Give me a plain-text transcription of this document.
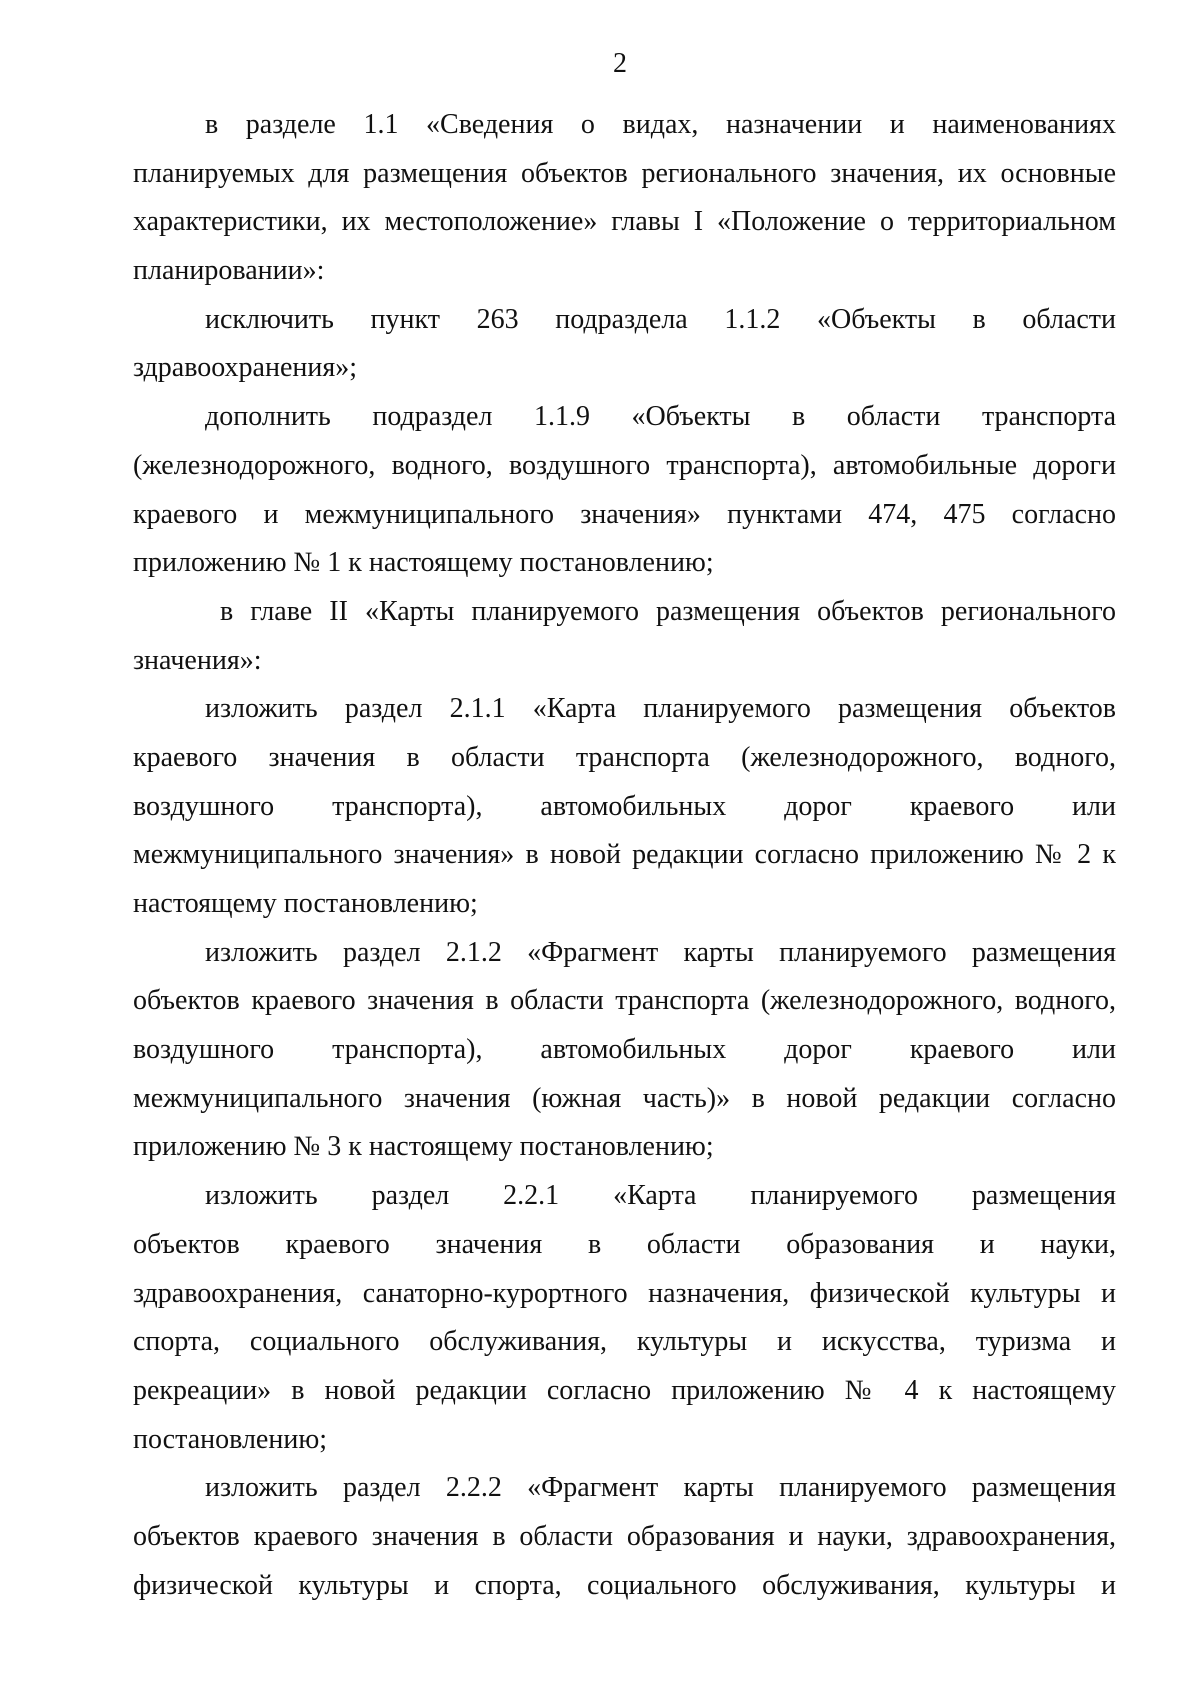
2
в разделе 1.1 «Сведения о видах, назначении и наименованиях
планируемых для размещения объектов регионального значения, их основные
характеристики, их местоположение» главы I «Положение о территориальном
планировании»:
исключить пункт 263 подраздела 1.1.2 «Объекты в области
здравоохранения»;
дополнить подраздел 1.1.9 «Объекты в области транспорта
(железнодорожного, водного, воздушного транспорта), автомобильные дороги
краевого и межмуниципального значения» пунктами 474, 475 согласно
приложению № 1 к настоящему постановлению;
в главе II «Карты планируемого размещения объектов регионального
значения»:
изложить раздел 2.1.1 «Карта планируемого размещения объектов
краевого значения в области транспорта (железнодорожного, водного,
воздушного транспорта), автомобильных дорог краевого или
межмуниципального значения» в новой редакции согласно приложению № 2 к
настоящему постановлению;
изложить раздел 2.1.2 «Фрагмент карты планируемого размещения
объектов краевого значения в области транспорта (железнодорожного, водного,
воздушного транспорта), автомобильных дорог краевого или
межмуниципального значения (южная часть)» в новой редакции согласно
приложению № 3 к настоящему постановлению;
изложить раздел 2.2.1 «Карта планируемого размещения
объектов краевого значения в области образования и науки,
здравоохранения, санаторно-курортного назначения, физической культуры и
спорта, социального обслуживания, культуры и искусства, туризма и
рекреации» в новой редакции согласно приложению № 4 к настоящему
постановлению;
изложить раздел 2.2.2 «Фрагмент карты планируемого размещения
объектов краевого значения в области образования и науки, здравоохранения,
физической культуры и спорта, социального обслуживания, культуры и
